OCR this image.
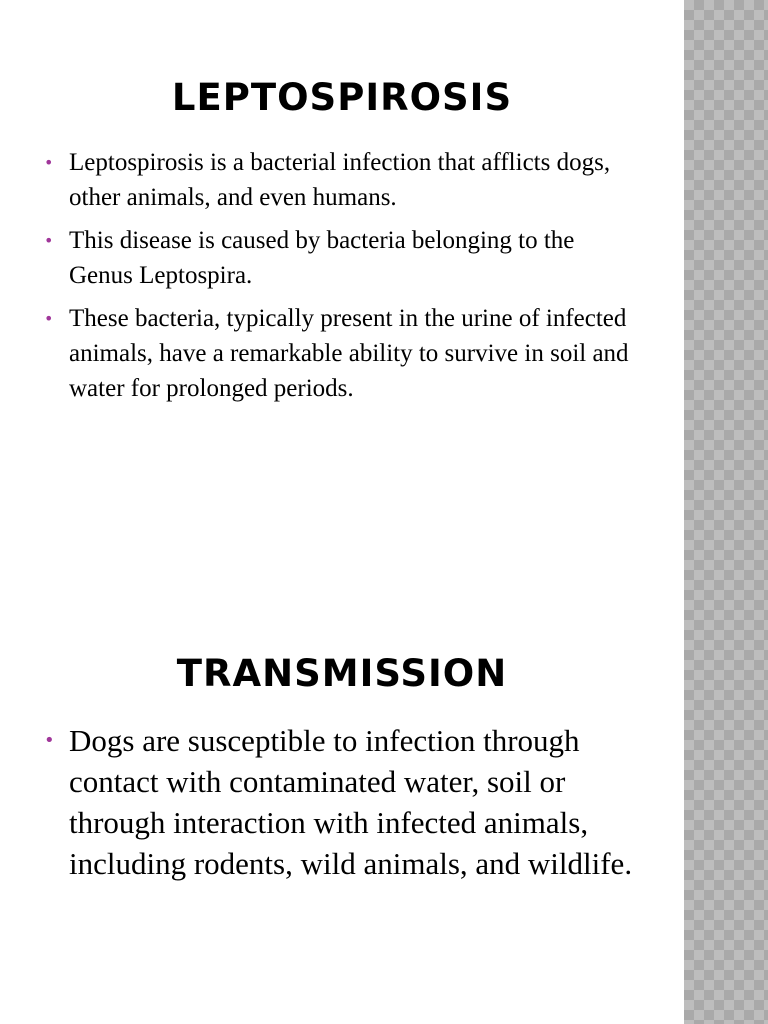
LEPTOSPIROSIS
• Leptospirosis is a bacterial infection that afflicts dogs, other animals, and even humans.
• This disease is caused by bacteria belonging to the Genus Leptospira.
• These bacteria, typically present in the urine of infected animals, have a remarkable ability to survive in soil and water for prolonged periods.
TRANSMISSION
• Dogs are susceptible to infection through contact with contaminated water, soil or through interaction with infected animals, including rodents, wild animals, and wildlife.
